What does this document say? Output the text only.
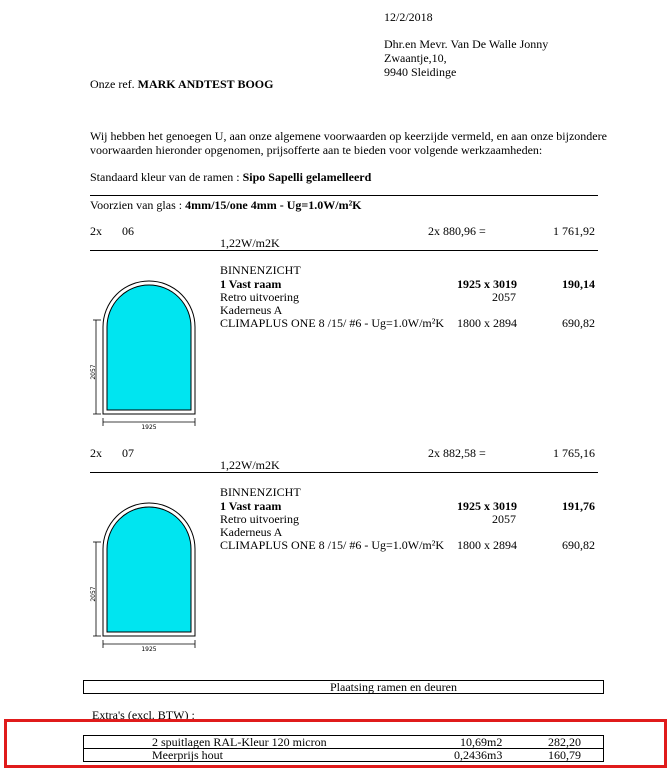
12/2/2018
Dhr.en Mevr. Van De Walle Jonny
Zwaantje,10,
9940 Sleidinge
Onze ref. MARK ANDTEST BOOG
Wij hebben het genoegen U, aan onze algemene voorwaarden op keerzijde vermeld, en aan onze bijzondere
voorwaarden hieronder opgenomen, prijsofferte aan te bieden voor volgende werkzaamheden:
Standaard kleur van de ramen : Sipo Sapelli gelamelleerd
Voorzien van glas : 4mm/15/one 4mm - Ug=1.0W/m²K
2x 06	2x 880,96 =	1 761,92
1,22W/m2K
BINNENZICHT
1 Vast raam	1925 x 3019	190,14
Retro uitvoering	2057
Kaderneus A
CLIMAPLUS ONE 8 /15/ #6 - Ug=1.0W/m²K 1800 x 2894	690,82
2057
1925
2x 07	2x 882,58 =	1 765,16
1,22W/m2K
BINNENZICHT
1 Vast raam	1925 x 3019	191,76
Retro uitvoering	2057
Kaderneus A
CLIMAPLUS ONE 8 /15/ #6 - Ug=1.0W/m²K 1800 x 2894	690,82
2057
1925
Plaatsing ramen en deuren
Extra's (excl. BTW) :
2 spuitlagen RAL-Kleur 120 micron	10,69m2	282,20
Meerprijs hout	0,2436m3	160,79
